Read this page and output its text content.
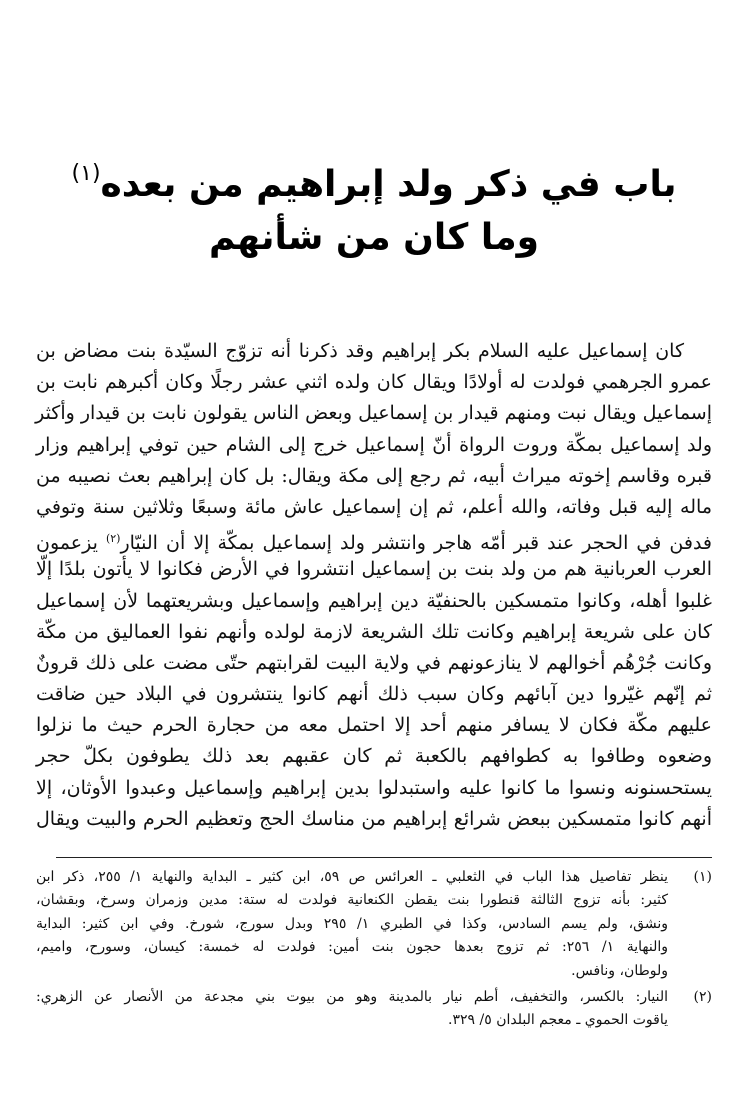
باب في ذكر ولد إبراهيم من بعده$^{(١)}$
وما كان من شأنهم
كان إسماعيل عليه السلام بكر إبراهيم وقد ذكرنا أنه تزوّج السيّدة بنت مضاض بن
عمرو الجرهمي فولدت له أولادًا ويقال كان ولده اثني عشر رجلًا وكان أكبرهم نابت بن
إسماعيل ويقال نبت ومنهم قيدار بن إسماعيل وبعض الناس يقولون نابت بن قيدار وأكثر
ولد إسماعيل بمكّة وروت الرواة أنّ إسماعيل خرج إلى الشام حين توفي إبراهيم وزار
قبره وقاسم إخوته ميراث أبيه، ثم رجع إلى مكة ويقال: بل كان إبراهيم بعث نصيبه من
ماله إليه قبل وفاته، والله أعلم، ثم إن إسماعيل عاش مائة وسبعًا وثلاثين سنة وتوفي
فدفن في الحجر عند قبر أمّه هاجر وانتشر ولد إسماعيل بمكّة إلا أن النيّار$^{(٢)}$ يزعمون
العرب العربانية هم من ولد بنت بن إسماعيل انتشروا في الأرض فكانوا لا يأتون بلدًا إلّا
غلبوا أهله، وكانوا متمسكين بالحنفيّة دين إبراهيم وإسماعيل وبشريعتهما لأن إسماعيل
كان على شريعة إبراهيم وكانت تلك الشريعة لازمة لولده وأنهم نفوا العماليق من مكّة
وكانت جُرْهُم أخوالهم لا ينازعونهم في ولاية البيت لقرابتهم حتّى مضت على ذلك قرونٌ
ثم إنّهم غيّروا دين آبائهم وكان سبب ذلك أنهم كانوا ينتشرون في البلاد حين ضاقت
عليهم مكّة فكان لا يسافر منهم أحد إلا احتمل معه من حجارة الحرم حيث ما نزلوا
وضعوه وطافوا به كطوافهم بالكعبة ثم كان عقبهم بعد ذلك يطوفون بكلّ حجر
يستحسنونه ونسوا ما كانوا عليه واستبدلوا بدين إبراهيم وإسماعيل وعبدوا الأوثان، إلا
أنهم كانوا متمسكين ببعض شرائع إبراهيم من مناسك الحج وتعظيم الحرم والبيت ويقال
(١)
ينظر تفاصيل هذا الباب في الثعلبي ـ العرائس ص ٥٩، ابن كثير ـ البداية والنهاية ١/ ٢٥٥، ذكر ابن
كثير: بأنه تزوج الثالثة قنطورا بنت يقطن الكنعانية فولدت له ستة: مدين وزمران وسرخ، وبقشان،
ونشق، ولم يسم السادس، وكذا في الطبري ١/ ٢٩٥ وبدل سورج، شورخ. وفي ابن كثير: البداية
والنهاية ١/ ٢٥٦: ثم تزوج بعدها حجون بنت أمين: فولدت له خمسة: كيسان، وسورح، واميم،
ولوطان، ونافس.
(٢)
النيار: بالكسر، والتخفيف، أطم نيار بالمدينة وهو من بيوت بني مجدعة من الأنصار عن الزهري:
ياقوت الحموي ـ معجم البلدان ٥/ ٣٢٩.
